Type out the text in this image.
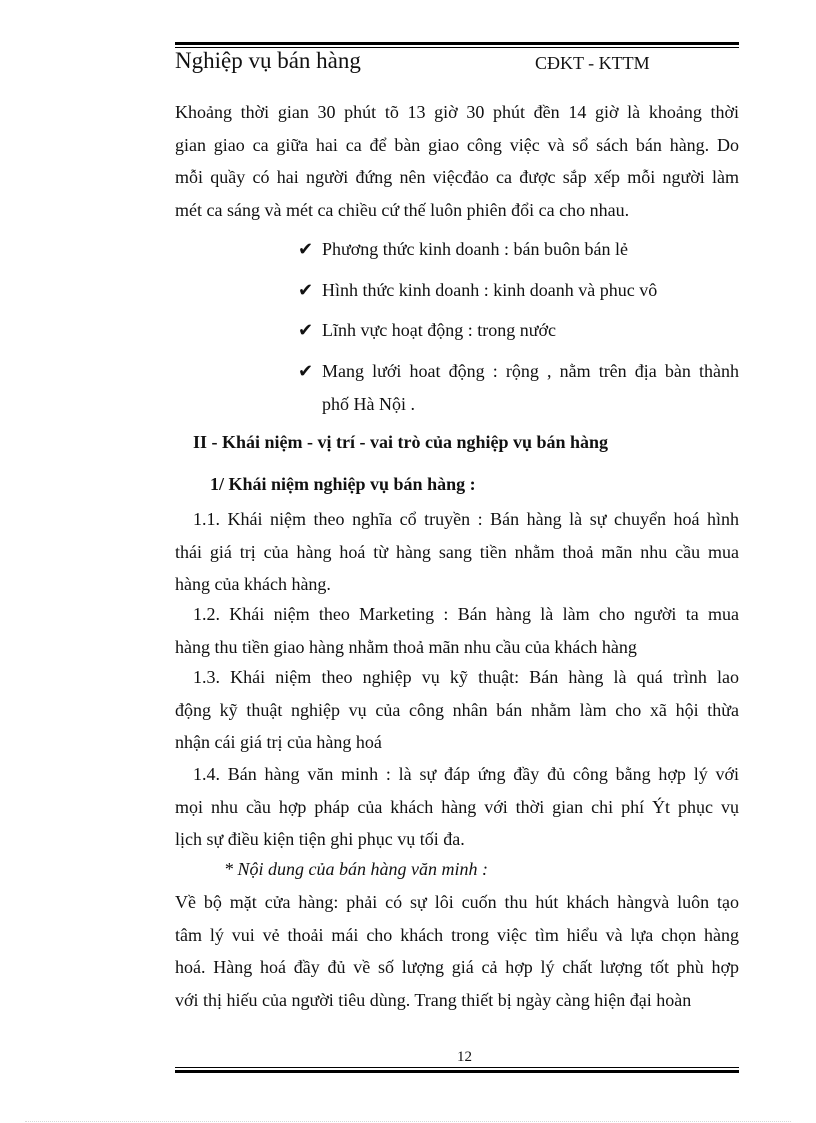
Nghiệp vụ bán hàng	CĐKT - KTTM
Khoảng thời gian 30 phút tõ 13 giờ 30 phút đền 14 giờ là khoảng thời
gian giao ca giữa hai ca để bàn giao công việc và sổ sách bán hàng. Do
mỗi quầy có hai người đứng nên việcđảo ca được sắp xếp mỗi người làm
mét ca sáng và mét ca chiều cứ thế luôn phiên đổi ca cho nhau.
✔ Phương thức kinh doanh : bán buôn bán lẻ
✔ Hình thức kinh doanh : kinh doanh và phuc vô
✔ Lĩnh vực hoạt động : trong nước
✔ Mang lưới hoat động : rộng , nằm trên địa bàn thành
phố Hà Nội .
II - Khái niệm - vị trí - vai trò của nghiệp vụ bán hàng
1/ Khái niệm nghiệp vụ bán hàng :
1.1. Khái niệm theo nghĩa cổ truyền : Bán hàng là sự chuyển hoá hình
thái giá trị của hàng hoá từ hàng sang tiền nhằm thoả mãn nhu cầu mua
hàng của khách hàng.
1.2. Khái niệm theo Marketing : Bán hàng là làm cho người ta mua
hàng thu tiền giao hàng nhằm thoả mãn nhu cầu của khách hàng
1.3. Khái niệm theo nghiệp vụ kỹ thuật: Bán hàng là quá trình lao
động kỹ thuật nghiệp vụ của công nhân bán nhằm làm cho xã hội thừa
nhận cái giá trị của hàng hoá
1.4. Bán hàng văn minh : là sự đáp ứng đầy đủ công bằng hợp lý với
mọi nhu cầu hợp pháp của khách hàng với thời gian chi phí Ýt phục vụ
lịch sự điều kiện tiện ghi phục vụ tối đa.
* Nội dung của bán hàng văn minh :
Về bộ mặt cửa hàng: phải có sự lôi cuốn thu hút khách hàngvà luôn tạo
tâm lý vui vẻ thoải mái cho khách trong việc tìm hiểu và lựa chọn hàng
hoá. Hàng hoá đầy đủ về số lượng giá cả hợp lý chất lượng tốt phù hợp
với thị hiếu của người tiêu dùng. Trang thiết bị ngày càng hiện đại hoàn
12
